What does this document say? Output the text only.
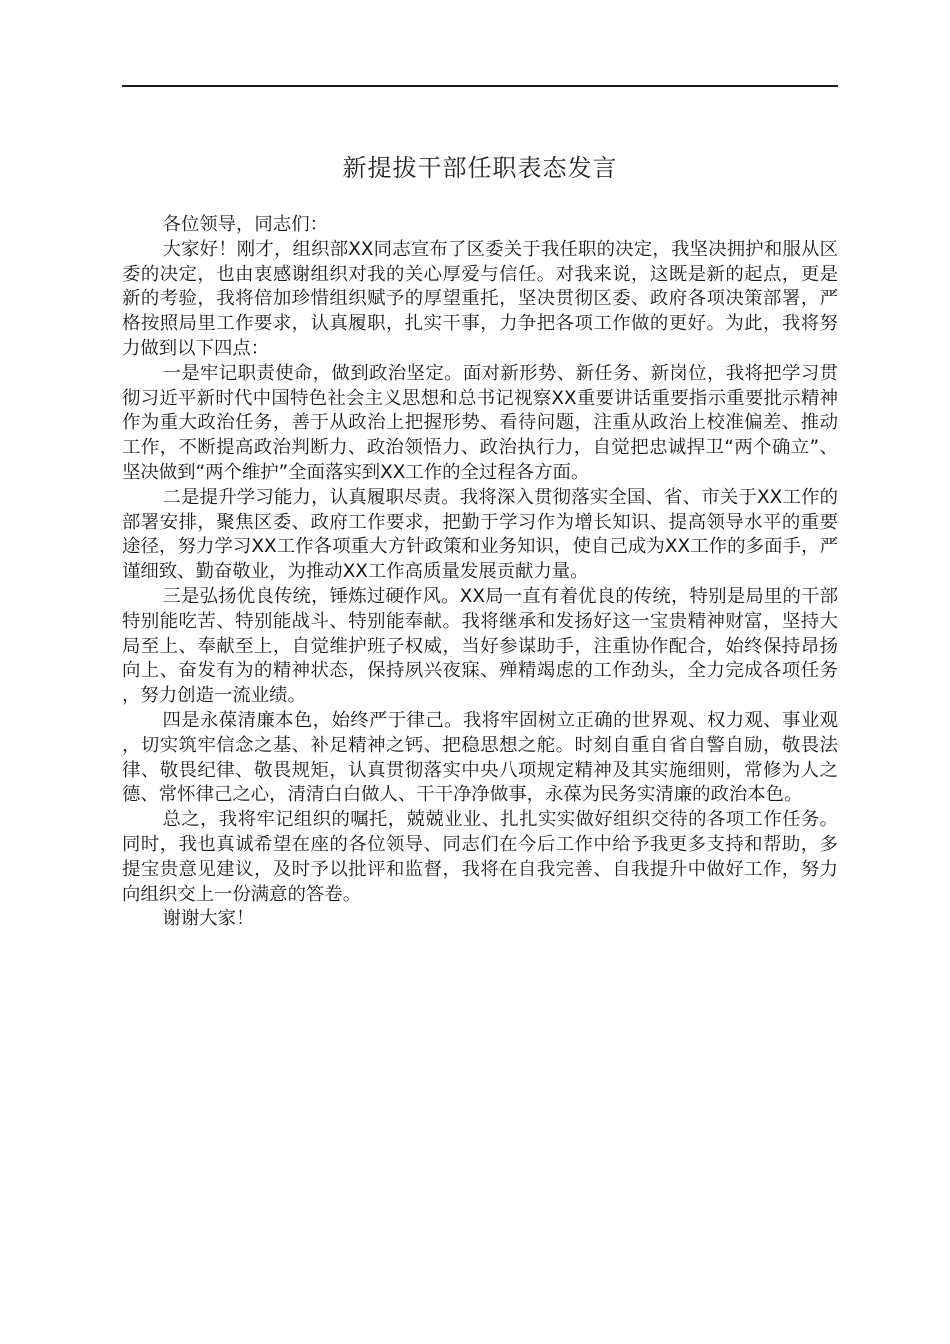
新提拔干部任职表态发言

各位领导，同志们：

大家好！刚才，组织部XX同志宣布了区委关于我任职的决定，我坚决拥护和服从区委的决定，也由衷感谢组织对我的关心厚爱与信任。对我来说，这既是新的起点，更是新的考验，我将倍加珍惜组织赋予的厚望重托，坚决贯彻区委、政府各项决策部署，严格按照局里工作要求，认真履职，扎实干事，力争把各项工作做的更好。为此，我将努力做到以下四点：

一是牢记职责使命，做到政治坚定。面对新形势、新任务、新岗位，我将把学习贯彻习近平新时代中国特色社会主义思想和总书记视察XX重要讲话重要指示重要批示精神作为重大政治任务，善于从政治上把握形势、看待问题，注重从政治上校准偏差、推动工作，不断提高政治判断力、政治领悟力、政治执行力，自觉把忠诚捍卫“两个确立”、坚决做到“两个维护”全面落实到XX工作的全过程各方面。

二是提升学习能力，认真履职尽责。我将深入贯彻落实全国、省、市关于XX工作的部署安排，聚焦区委、政府工作要求，把勤于学习作为增长知识、提高领导水平的重要途径，努力学习XX工作各项重大方针政策和业务知识，使自己成为XX工作的多面手，严谨细致、勤奋敬业，为推动XX工作高质量发展贡献力量。

三是弘扬优良传统，锤炼过硬作风。XX局一直有着优良的传统，特别是局里的干部特别能吃苦、特别能战斗、特别能奉献。我将继承和发扬好这一宝贵精神财富，坚持大局至上、奉献至上，自觉维护班子权威，当好参谋助手，注重协作配合，始终保持昂扬向上、奋发有为的精神状态，保持夙兴夜寐、殚精竭虑的工作劲头，全力完成各项任务，努力创造一流业绩。

四是永葆清廉本色，始终严于律己。我将牢固树立正确的世界观、权力观、事业观，切实筑牢信念之基、补足精神之钙、把稳思想之舵。时刻自重自省自警自励，敬畏法律、敬畏纪律、敬畏规矩，认真贯彻落实中央八项规定精神及其实施细则，常修为人之德、常怀律己之心，清清白白做人、干干净净做事，永葆为民务实清廉的政治本色。

总之，我将牢记组织的嘱托，兢兢业业、扎扎实实做好组织交待的各项工作任务。同时，我也真诚希望在座的各位领导、同志们在今后工作中给予我更多支持和帮助，多提宝贵意见建议，及时予以批评和监督，我将在自我完善、自我提升中做好工作，努力向组织交上一份满意的答卷。

谢谢大家！
